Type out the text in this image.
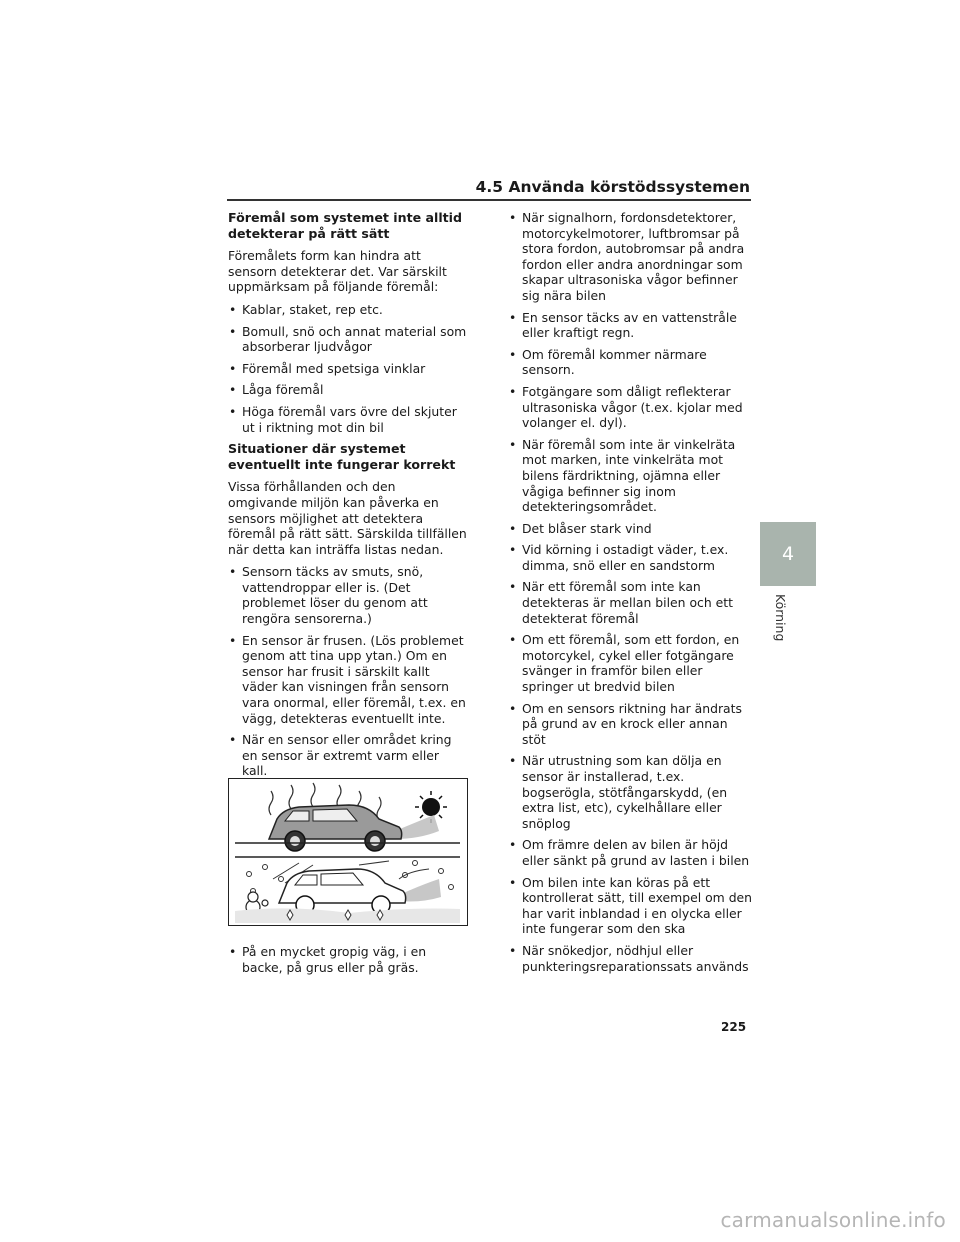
4.5 Använda körstödssystemen
Föremål som systemet inte alltid detekterar på rätt sätt
Föremålets form kan hindra att sensorn detekterar det. Var särskilt uppmärksam på följande föremål:
• Kablar, staket, rep etc.
• Bomull, snö och annat material som absorberar ljudvågor
• Föremål med spetsiga vinklar
• Låga föremål
• Höga föremål vars övre del skjuter ut i riktning mot din bil
Situationer där systemet eventuellt inte fungerar korrekt
Vissa förhållanden och den omgivande miljön kan påverka en sensors möjlighet att detektera föremål på rätt sätt. Särskilda tillfällen när detta kan inträffa listas nedan.
• Sensorn täcks av smuts, snö, vattendroppar eller is. (Det problemet löser du genom att rengöra sensorerna.)
• En sensor är frusen. (Lös problemet genom att tina upp ytan.) Om en sensor har frusit i särskilt kallt väder kan visningen från sensorn vara onormal, eller föremål, t.ex. en vägg, detekteras eventuellt inte.
• När en sensor eller området kring en sensor är extremt varm eller kall.
• På en mycket gropig väg, i en backe, på grus eller på gräs.
• När signalhorn, fordonsdetektorer, motorcykelmotorer, luftbromsar på stora fordon, autobromsar på andra fordon eller andra anordningar som skapar ultrasoniska vågor befinner sig nära bilen
• En sensor täcks av en vattenstråle eller kraftigt regn.
• Om föremål kommer närmare sensorn.
• Fotgängare som dåligt reflekterar ultrasoniska vågor (t.ex. kjolar med volanger el. dyl).
• När föremål som inte är vinkelräta mot marken, inte vinkelräta mot bilens färdriktning, ojämna eller vågiga befinner sig inom detekteringsområdet.
• Det blåser stark vind
• Vid körning i ostadigt väder, t.ex. dimma, snö eller en sandstorm
• När ett föremål som inte kan detekteras är mellan bilen och ett detekterat föremål
• Om ett föremål, som ett fordon, en motorcykel, cykel eller fotgängare svänger in framför bilen eller springer ut bredvid bilen
• Om en sensors riktning har ändrats på grund av en krock eller annan stöt
• När utrustning som kan dölja en sensor är installerad, t.ex. bogserögla, stötfångarskydd, (en extra list, etc), cykelhållare eller snöplog
• Om främre delen av bilen är höjd eller sänkt på grund av lasten i bilen
• Om bilen inte kan köras på ett kontrollerat sätt, till exempel om den har varit inblandad i en olycka eller inte fungerar som den ska
• När snökedjor, nödhjul eller punkteringsreparationssats används
4
Körning
225
carmanualsonline.info
